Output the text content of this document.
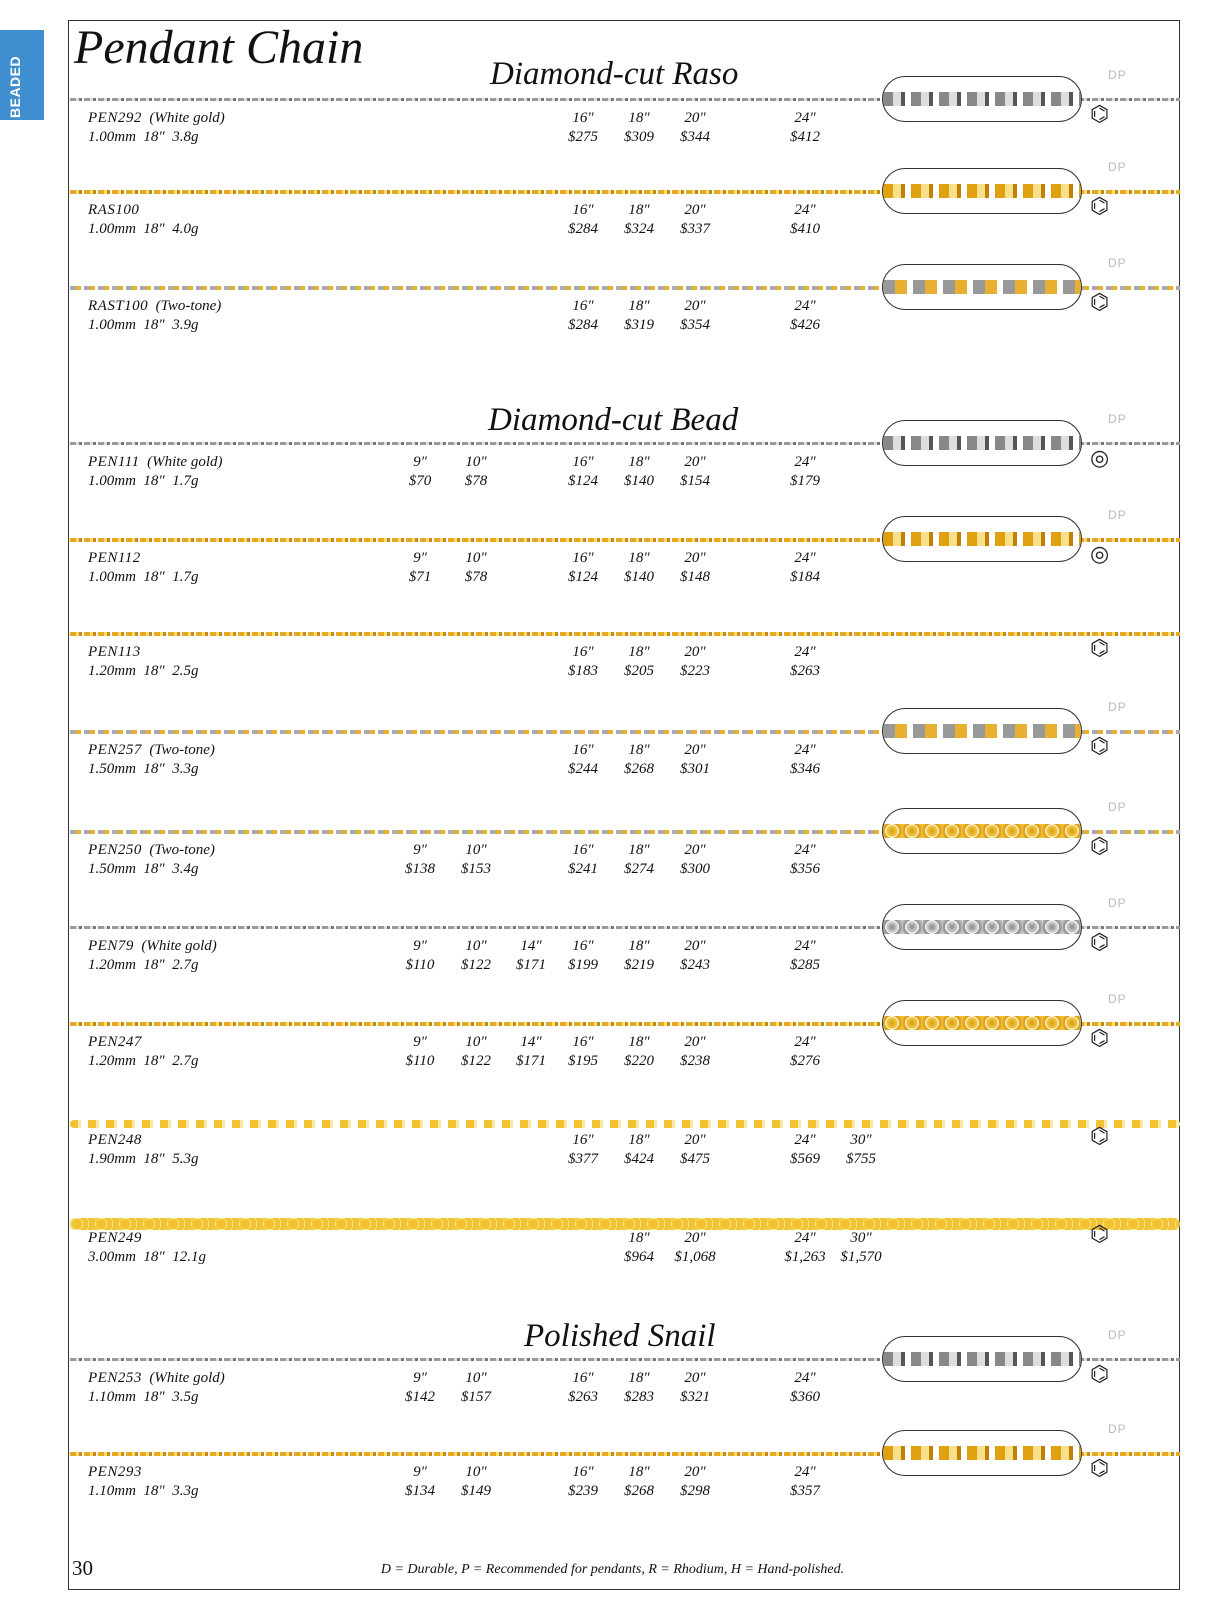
BEADED
Pendant Chain	Diamond-cut Raso
Diamond-cut Bead
Polished Snail
DP
⌬
PEN292  (White gold)
1.00mm  18"  3.8g
16"
$275
18"
$309
20"
$344
24"
$412
DP
⌬
RAS100
1.00mm  18"  4.0g
16"
$284
18"
$324
20"
$337
24"
$410
DP
⌬
RAST100  (Two-tone)
1.00mm  18"  3.9g
16"
$284
18"
$319
20"
$354
24"
$426
DP
◎
PEN111  (White gold)
1.00mm  18"  1.7g
9"
$70
10"
$78
16"
$124
18"
$140
20"
$154
24"
$179
DP
◎
PEN112
1.00mm  18"  1.7g
9"
$71
10"
$78
16"
$124
18"
$140
20"
$148
24"
$184
⌬
PEN113
1.20mm  18"  2.5g
16"
$183
18"
$205
20"
$223
24"
$263
DP
⌬
PEN257  (Two-tone)
1.50mm  18"  3.3g
16"
$244
18"
$268
20"
$301
24"
$346
DP
⌬
PEN250  (Two-tone)
1.50mm  18"  3.4g
9"
$138
10"
$153
16"
$241
18"
$274
20"
$300
24"
$356
DP
⌬
PEN79  (White gold)
1.20mm  18"  2.7g
9"
$110
10"
$122
14"
$171
16"
$199
18"
$219
20"
$243
24"
$285
DP
⌬
PEN247
1.20mm  18"  2.7g
9"
$110
10"
$122
14"
$171
16"
$195
18"
$220
20"
$238
24"
$276
⌬
PEN248
1.90mm  18"  5.3g
16"
$377
18"
$424
20"
$475
24"
$569
30"
$755
⌬
PEN249
3.00mm  18"  12.1g
18"
$964
20"
$1,068
24"
$1,263
30"
$1,570
DP
⌬
PEN253  (White gold)
1.10mm  18"  3.5g
9"
$142
10"
$157
16"
$263
18"
$283
20"
$321
24"
$360
DP
⌬
PEN293
1.10mm  18"  3.3g
9"
$134
10"
$149
16"
$239
18"
$268
20"
$298
24"
$357
30	D = Durable, P = Recommended for pendants, R = Rhodium, H = Hand-polished.
